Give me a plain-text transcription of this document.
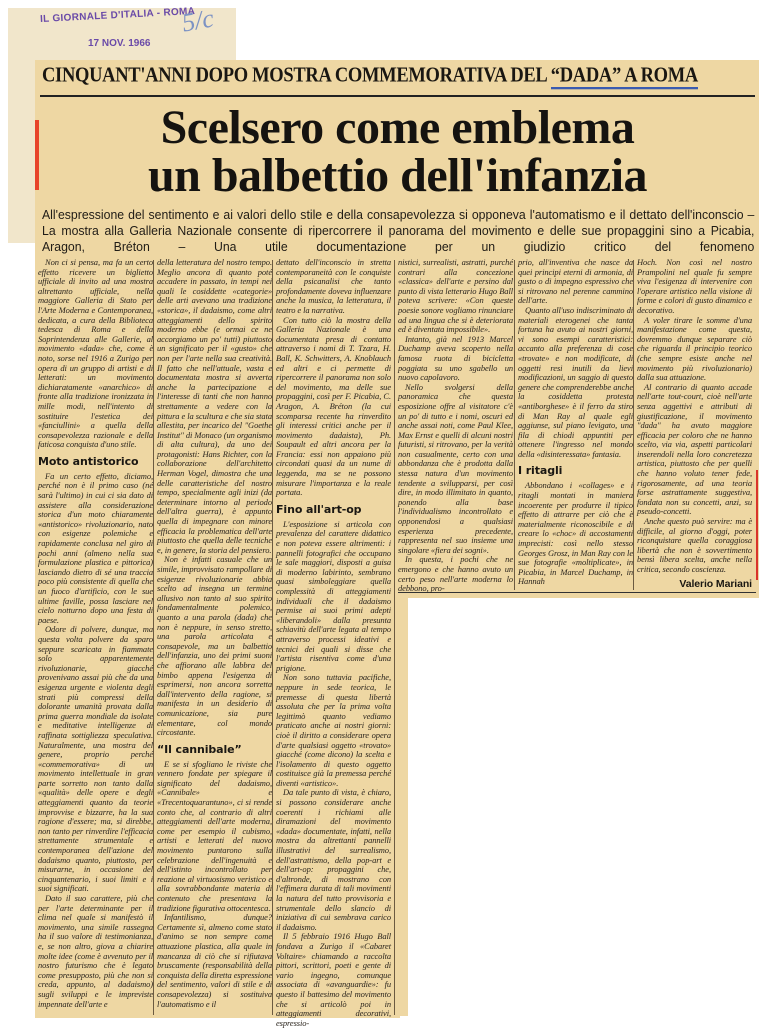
IL GIORNALE D'ITALIA - ROMA
17 NOV. 1966
5/c
CINQUANT'ANNI DOPO MOSTRA COMMEMORATIVA DEL “DADA” A ROMA
Scelsero come emblema
un balbettio dell'infanzia
All'espressione del sentimento e ai valori dello stile e della consapevolezza si opponeva l'automatismo e il dettato dell'inconscio – La mostra alla Galleria Nazionale consente di ripercorrere il panorama del movimento e delle sue propaggini sino a Picabia, Aragon, Bréton – Una utile documentazione per un giudizio critico del fenomeno

Non ci si pensa, ma fa un certo effetto ricevere un biglietto ufficiale di invito ad una mostra altrettanto ufficiale, nella maggiore Galleria di Stato per l'Arte Moderna e Contemporanea, dedicata, a cura della Biblioteca tedesca di Roma e della Soprintendenza alle Gallerie, al movimento «dada» che, come è noto, sorse nel 1916 a Zurigo per opera di un gruppo di artisti e di letterati: un movimento dichiaratamente «anarchico» di fronte alla tradizione ironizzata in mille modi, nell'intento di sostituire l'estetica dei «fanciullini» a quella della consapevolezza razionale e della faticosa conquista d'uno stile.

Moto antistorico

Fa un certo effetto, diciamo, perché non è il primo caso (né sarà l'ultimo) in cui ci sia dato di assistere alla considerazione storica d'un moto chiaramente «antistorico» rivoluzionario, nato con esigenze polemiche e rapidamente conclusa nel giro di pochi anni (almeno nella sua formulazione plastica e pittorica) lasciando dietro di sé una traccia poco più consistente di quella che un fuoco d'artificio, con le sue ultime faville, possa lasciare nel cielo notturno dopo una festa di paese.

Odore di polvere, dunque, ma questa volta polvere da sparo seppure scaricata in fiammate solo apparentemente rivoluzionarie, giacché provenivano assai più che da una esigenza urgente e violenta degli strati più compressi della dolorante umanità provata dalla prima guerra mondiale da isolate e meditative intelligenze di raffinata sottigliezza speculativa. Naturalmente, una mostra del genere, proprio perché «commemorativa» di un movimento intellettuale in gran parte sorretto non tanto dalla «qualità» delle opere e degli atteggiamenti quanto da teorie improvvise e bizzarre, ha la sua ragione d'essere; ma, si direbbe, non tanto per rinverdire l'efficacia strettamente strumentale e contemporanea dell'azione del dadaismo quanto, piuttosto, per misurarne, in occasione del cinquantenario, i suoi limiti e i suoi significati.

Dato il suo carattere, più che per l'arte determinante per il clima nel quale si manifestò il movimento, una simile rassegna ha il suo valore di testimonianza, e, se non altro, giova a chiarire molte idee (come è avvenuto per il nostro futurismo che è legato come presupposto, più che non si creda, appunto, al dadaismo) sugli sviluppi e le impreviste impennate dell'arte e

della letteratura del nostro tempo. Meglio ancora di quanto poté accadere in passato, in tempi nei quali le cosiddette «categorie» delle arti avevano una tradizione «storica», il dadaismo, come altri atteggiamenti dello spirito moderno ebbe (e ormai ce ne accorgiamo un po' tutti) piuttosto un significato per il «gusto» che non per l'arte nella sua creatività. Il fatto che nell'attuale, vasta e documentata mostra si avverta anche la partecipazione e l'interesse di tanti che non hanno strettamente a vedere con la pittura e la scultura e che sia stata allestita, per incarico del "Goethe Institut" di Monaco (un organismo di alta cultura), da uno dei protagonisti: Hans Richter, con la collaborazione dell'architetto Herman Vogel, dimostra che una delle caratteristiche del nostro tempo, specialmente agli inizi (da determinare intorno al periodo dell'altra guerra), è appunto quella di impegnare con minore efficacia la problematica dell'arte piuttosto che quella delle tecniche e, in genere, la storia del pensiero.

Non è infatti casuale che un simile, improvvisato rampollare di esigenze rivoluzionarie abbia scelto ad insegna un termine allusivo non tanto al suo spirito fondamentalmente polemico, quanto a una parola (dada) che non è neppure, in senso stretto, una parola articolata e consapevole, ma un balbettio dell'infanzia, uno dei primi suoni che affiorano alle labbra del bimbo appena l'esigenza di esprimersi, non ancora sorretta dall'intervento della ragione, si manifesta in un desiderio di comunicazione, sia pure elementare, col mondo circostante.

“Il cannibale”

E se si sfogliano le riviste che vennero fondate per spiegare il significato del dadaismo, «Cannibale» e «Trecentoquarantuno», ci si rende conto che, al contrario di altri atteggiamenti dell'arte moderna, come per esempio il cubismo, artisti e letterati del nuovo movimento puntarono sulla celebrazione dell'ingenuità e dell'istinto incontrollato per reazione al virtuosismo veristico e alla sovrabbondante materia di contenuto che presentava la tradizione figurativa ottocentesca.

Infantilismo, dunque? Certamente sì, almeno come stato d'animo se non sempre come attuazione plastica, alla quale in mancanza di ciò che si rifiutava bruscamente (responsabilità della conquista della diretta espressione del sentimento, valori di stile e di consapevolezza) si sostituiva l'automatismo e il

dettato dell'inconscio in stretta contemporaneità con le conquiste della psicanalisi che tanto profondamente doveva influenzare anche la musica, la letteratura, il teatro e la narrativa.

Con tutto ciò la mostra della Galleria Nazionale è una documentata presa di contatto attraverso i nomi di T. Tzara, H. Ball, K. Schwitters, A. Knoblauch ed altri e ci permette di ripercorrere il panorama non solo del movimento, ma delle sue propaggini, così per F. Picabia, C. Aragon, A. Bréton (la cui scomparsa recente ha rinverdito gli interessi critici anche per il movimento dadaista), Ph. Soupault ed altri ancora per la Francia: essi non appaiono più circondati quasi da un nume di leggenda, ma se ne possono misurare l'importanza e la reale portata.

Fino all'art-op

L'esposizione si articola con prevalenza del carattere didattico e non poteva essere altrimenti: i pannelli fotografici che occupano le sale maggiori, disposti a guisa di moderno labirinto, sembrano quasi simboleggiare quella complessità di atteggiamenti individuali che il dadaismo permise ai suoi primi adepti «liberandoli» dalla presunta schiavitù dell'arte legata al tempo attraverso processi ideativi e tecnici dei quali si disse che l'artista risentiva come d'una prigione.

Non sono tuttavia pacifiche, neppure in sede teorica, le premesse di questa libertà assoluta che per la prima volta legittimò quanto vediamo praticato anche ai nostri giorni: cioè il diritto a considerare opera d'arte qualsiasi oggetto «trovato» giacché (come dicono) la scelta e l'isolamento di questo oggetto costituisce già la premessa perché diventi «artistico».

Da tale punto di vista, è chiaro, si possono considerare anche coerenti i richiami alle diramazioni del movimento «dada» documentate, infatti, nella mostra da altrettanti pannelli illustrativi del surrealismo, dell'astrattismo, della pop-art e dell'art-op: propaggini che, d'altronde, di mostrano con l'effimera durata di tali movimenti la natura del tutto provvisoria e strumentale dello slancio di iniziativa di cui sembrava carico il dadaismo.

Il 5 febbraio 1916 Hugo Ball fondava a Zurigo il «Cabaret Voltaire» chiamando a raccolta pittori, scrittori, poeti e gente di vario ingegno, comunque associata di «avanguardie»: fu questo il battesimo del movimento che si articolò poi in atteggiamenti decorativi, espressio-

nistici, surrealisti, astratti, purché contrari alla concezione «classica» dell'arte e persino dal punto di vista letterario Hugo Ball poteva scrivere: «Con queste poesie sonore vogliamo rinunciare ad una lingua che si è deteriorata ed è diventata impossibile».

Intanto, già nel 1913 Marcel Duchamp aveva scoperto nella famosa ruota di bicicletta poggiata su uno sgabello un nuovo capolavoro.

Nello svolgersi della panoramica che questa esposizione offre al visitatore c'è un po' di tutto e i nomi, oscuri ed anche assai noti, come Paul Klee, Max Ernst e quelli di alcuni nostri futuristi, si ritrovano, per la verità non casualmente, certo con una abbondanza che è prodotta dalla stessa natura d'un movimento tendente a svilupparsi, per così dire, in modo illimitato in quanto, ponendo alla base l'individualismo incontrollato e opponendosi a qualsiasi esperienza precedente, rappresenta nel suo insieme una singolare «fiera dei sogni».

In questa, i pochi che ne emergono e che hanno avuto un certo peso nell'arte moderna lo debbono, pro-

prio, all'inventiva che nasce da quei principi eterni di armonia, di gusto o di impegno espressivo che si ritrovano nel perenne cammino dell'arte.

Quanto all'uso indiscriminato di materiali eterogenei che tanta fortuna ha avuto ai nostri giorni, vi sono esempi caratteristici: accanto alla preferenza di cose «trovate» e non modificate, di oggetti resi inutili da lievi modificazioni, un saggio di questo genere che comprenderebbe anche la cosiddetta protesta «antiborghese» è il ferro da stiro di Man Ray al quale egli aggiunse, sul piano levigato, una fila di chiodi appuntiti per ottenere l'ingresso nel mondo della «disinteressata» fantasia.

I ritagli

Abbondano i «collages» e i ritagli montati in maniera incoerente per produrre il tipico effetto di attrarre per ciò che è materialmente riconoscibile e di creare lo «choc» di accostamenti imprecisti: così nello stesso Georges Grosz, in Man Ray con le sue fotografie «moltiplicate», in Picabia, in Marcel Duchamp, in Hannah

Hoch. Non così nel nostro Prampolini nel quale fu sempre viva l'esigenza di intervenire con l'operare artistico nella visione di forme e colori di gusto dinamico e decorativo.

A voler tirare le somme d'una manifestazione come questa, dovremmo dunque separare ciò che riguarda il principio teorico (che sempre esiste anche nel movimento più rivoluzionario) dalla sua attuazione.

Al contrario di quanto accade nell'arte tout-court, cioè nell'arte senza aggettivi e attributi di giustificazione, il movimento "dada" ha avuto maggiore efficacia per coloro che ne hanno scelto, via via, aspetti particolari inserendoli nella loro concretezza artistica, piuttosto che per quelli che hanno voluto tener fede, rigorosamente, ad una teoria forse astrattamente suggestiva, fondata non su concetti, anzi, su pseudo-concetti.

Anche questo può servire: ma è difficile, al giorno d'oggi, poter riconquistare quella coraggiosa libertà che non è sovvertimento bensì libera scelta, anche nella critica, secondo coscienza.

Valerio Mariani
